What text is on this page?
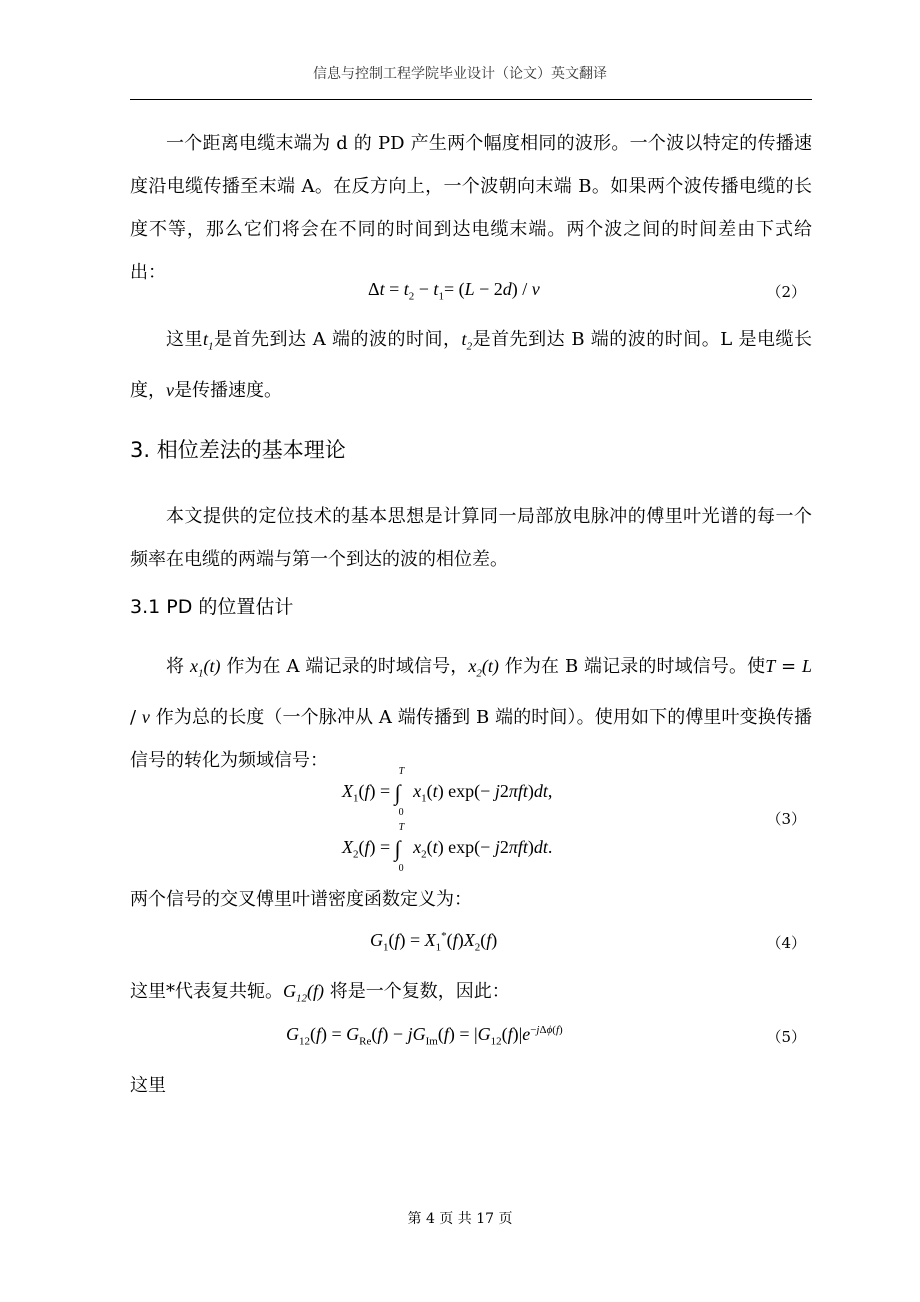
信息与控制工程学院毕业设计（论文）英文翻译

一个距离电缆末端为 d 的 PD 产生两个幅度相同的波形。一个波以特定的传播速度沿电缆传播至末端 A。在反方向上，一个波朝向末端 B。如果两个波传播电缆的长度不等，那么它们将会在不同的时间到达电缆末端。两个波之间的时间差由下式给出：

$\Delta t = t_2 - t_1= (L - 2d) / v$	（2）

这里$t_1$是首先到达 A 端的波的时间，$t_2$是首先到达 B 端的波的时间。L 是电缆长度，v是传播速度。

3. 相位差法的基本理论

本文提供的定位技术的基本思想是计算同一局部放电脉冲的傅里叶光谱的每一个频率在电缆的两端与第一个到达的波的相位差。

3.1 PD 的位置估计

将 $x_1(t)$ 作为在 A 端记录的时域信号，$x_2(t)$ 作为在 B 端记录的时域信号。使T = L / v 作为总的长度（一个脉冲从 A 端传播到 B 端的时间）。使用如下的傅里叶变换传播信号的转化为频域信号：

$X_1(f)$ = ∫
T
0
$x_1(t)$ exp(− j2πft)dt,
（3）
$X_2(f)$ = ∫
T
0
$x_2(t)$ exp(− j2πft)dt.

两个信号的交叉傅里叶谱密度函数定义为：

$G_1(f) = X_1^*(f)X_2(f)$	（4）

这里*代表复共轭。$G_{12}(f)$ 将是一个复数，因此：

$G_{12}(f) = G_{Re}(f) - jG_{Im}(f) = |G_{12}(f)|e^{-j\Delta\phi(f)}$	（5）

这里

第 4 页 共 17 页
